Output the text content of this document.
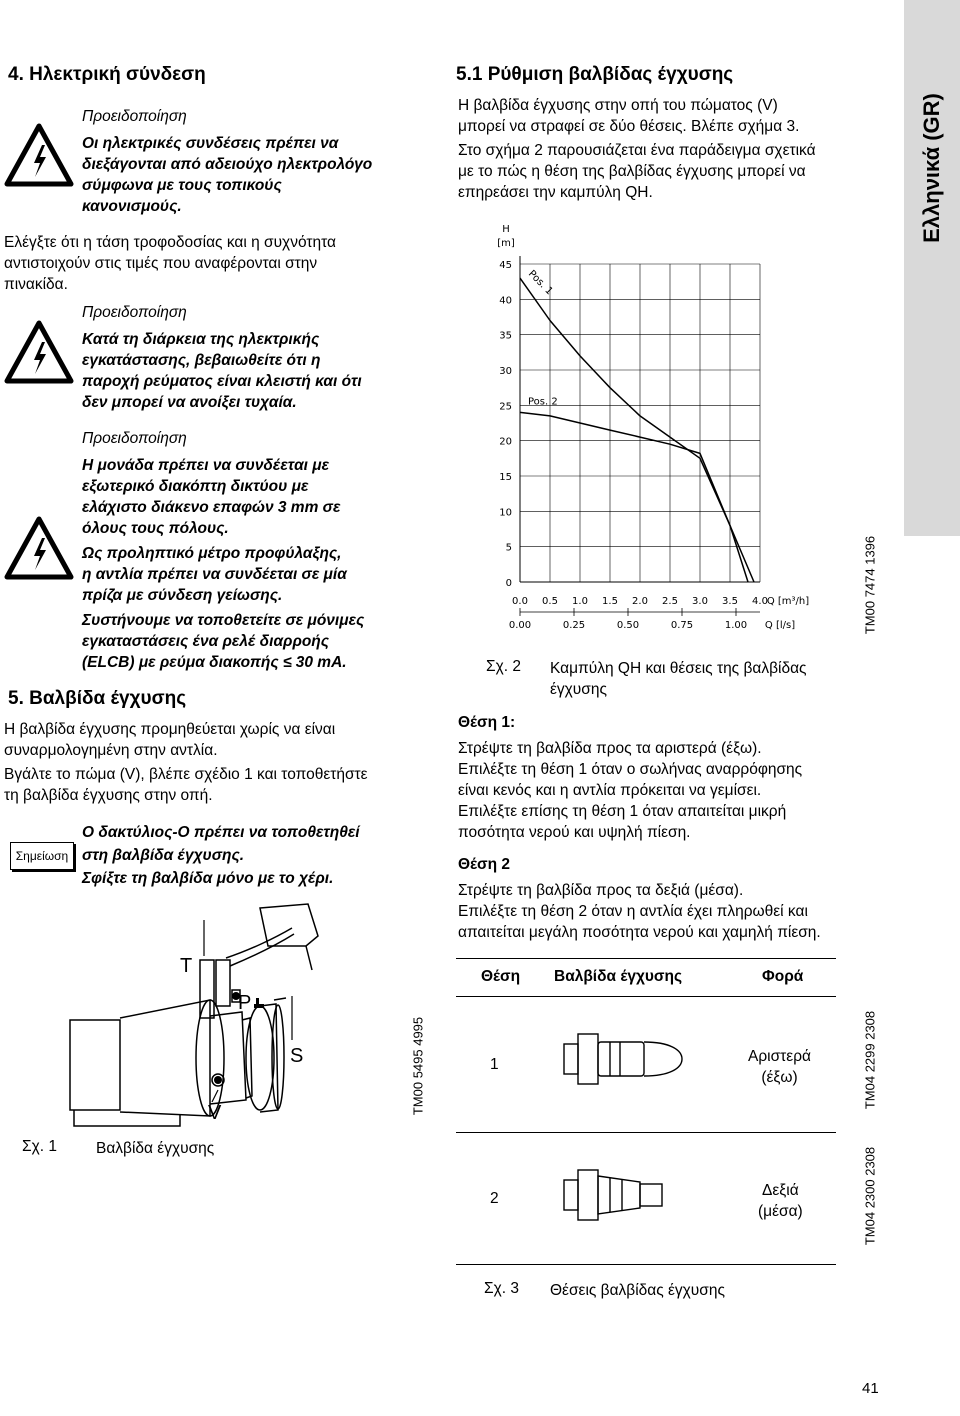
Ελληνικά (GR)
4. Ηλεκτρική σύνδεση
Προειδοποίηση
Οι ηλεκτρικές συνδέσεις πρέπει να
διεξάγονται από αδειούχο ηλεκτρολόγο
σύμφωνα με τους τοπικούς
κανονισμούς.
Ελέγξτε ότι η τάση τροφοδοσίας και η συχνότητα
αντιστοιχούν στις τιμές που αναφέρονται στην
πινακίδα.
Προειδοποίηση
Κατά τη διάρκεια της ηλεκτρικής
εγκατάστασης, βεβαιωθείτε ότι η
παροχή ρεύματος είναι κλειστή και ότι
δεν μπορεί να ανοίξει τυχαία.
Προειδοποίηση
Η μονάδα πρέπει να συνδέεται με
εξωτερικό διακόπτη δικτύου με
ελάχιστο διάκενο επαφών 3 mm σε
όλους τους πόλους.
Ως προληπτικό μέτρο προφύλαξης,
η αντλία πρέπει να συνδέεται σε μία
πρίζα με σύνδεση γείωσης.
Συστήνουμε να τοποθετείτε σε μόνιμες
εγκαταστάσεις ένα ρελέ διαρροής
(ELCB) με ρεύμα διακοπής ≤ 30 mA.
5. Βαλβίδα έγχυσης
Η βαλβίδα έγχυσης προμηθεύεται χωρίς να είναι
συναρμολογημένη στην αντλία.
Βγάλτε το πώμα (V), βλέπε σχέδιο 1 και τοποθετήστε
τη βαλβίδα έγχυσης στην οπή.
Σημείωση
Ο δακτύλιος-O πρέπει να τοποθετηθεί
στη βαλβίδα έγχυσης.
Σφίξτε τη βαλβίδα μόνο με το χέρι.
T
P
S
V	TM00 5495 4995
Σχ. 1	Βαλβίδα έγχυσης
5.1 Ρύθμιση βαλβίδας έγχυσης
Η βαλβίδα έγχυσης στην οπή του πώματος (V)
μπορεί να στραφεί σε δύο θέσεις. Βλέπε σχήμα 3.
Στο σχήμα 2 παρουσιάζεται ένα παράδειγμα σχετικά
με το πώς η θέση της βαλβίδας έγχυσης μπορεί να
επηρεάσει την καμπύλη QH.
0
5
10
15
20
25
30
35
40
45
H
[m]
0.0 0.5 1.0 1.5 2.0 2.5 3.0 3.5 4.0
Q [m³/h]
0.00	0.25	0.50	0.75	1.00 Q [l/s]
Pos. 1
Pos. 2
TM00 7474 1396
Σχ. 2 Καμπύλη QH και θέσεις της βαλβίδας
έγχυσης
Θέση 1:
Στρέψτε τη βαλβίδα προς τα αριστερά (έξω).
Επιλέξτε τη θέση 1 όταν ο σωλήνας αναρρόφησης
είναι κενός και η αντλία πρόκειται να γεμίσει.
Επιλέξτε επίσης τη θέση 1 όταν απαιτείται μικρή
ποσότητα νερού και υψηλή πίεση.
Θέση 2
Στρέψτε τη βαλβίδα προς τα δεξιά (μέσα).
Επιλέξτε τη θέση 2 όταν η αντλία έχει πληρωθεί και
απαιτείται μεγάλη ποσότητα νερού και χαμηλή πίεση.
Θέση Βαλβίδα έγχυσης	Φορά
1	Αριστερά
(έξω)	TM04 2299 2308
2	Δεξιά
(μέσα)	TM04 2300 2308
Σχ. 3 Θέσεις βαλβίδας έγχυσης
41
